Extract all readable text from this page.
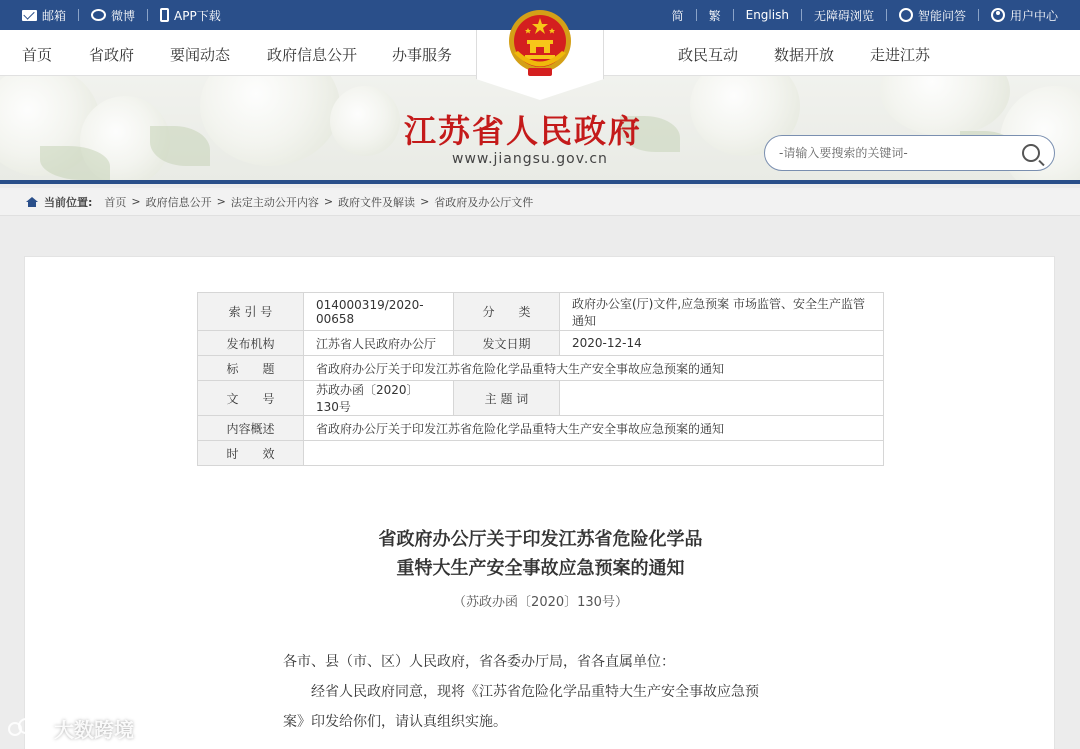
邮箱	微博	APP下载	简 繁 English 无障碍浏览	智能问答	用户中心
首页 省政府 要闻动态 政府信息公开 办事服务	政民互动 数据开放 走进江苏
江苏省人民政府
www.jiangsu.gov.cn
-请输入要搜索的关键词-
当前位置: 首页 > 政府信息公开 > 法定主动公开内容 > 政府文件及解读 > 省政府及办公厅文件
索 引 号	014000319/2020-00658	分　　类	政府办公室(厅)文件,应急预案 市场监管、安全生产监管 通知
发布机构	江苏省人民政府办公厅	发文日期	2020-12-14
标　　题	省政府办公厅关于印发江苏省危险化学品重特大生产安全事故应急预案的通知		
文　　号	苏政办函〔2020〕130号	主 题 词	
内容概述	省政府办公厅关于印发江苏省危险化学品重特大生产安全事故应急预案的通知		
时　　效			
省政府办公厅关于印发江苏省危险化学品
重特大生产安全事故应急预案的通知
（苏政办函〔2020〕130号）
各市、县（市、区）人民政府，省各委办厅局，省各直属单位：
经省人民政府同意，现将《江苏省危险化学品重特大生产安全事故应急预
案》印发给你们，请认真组织实施。
大数跨境
